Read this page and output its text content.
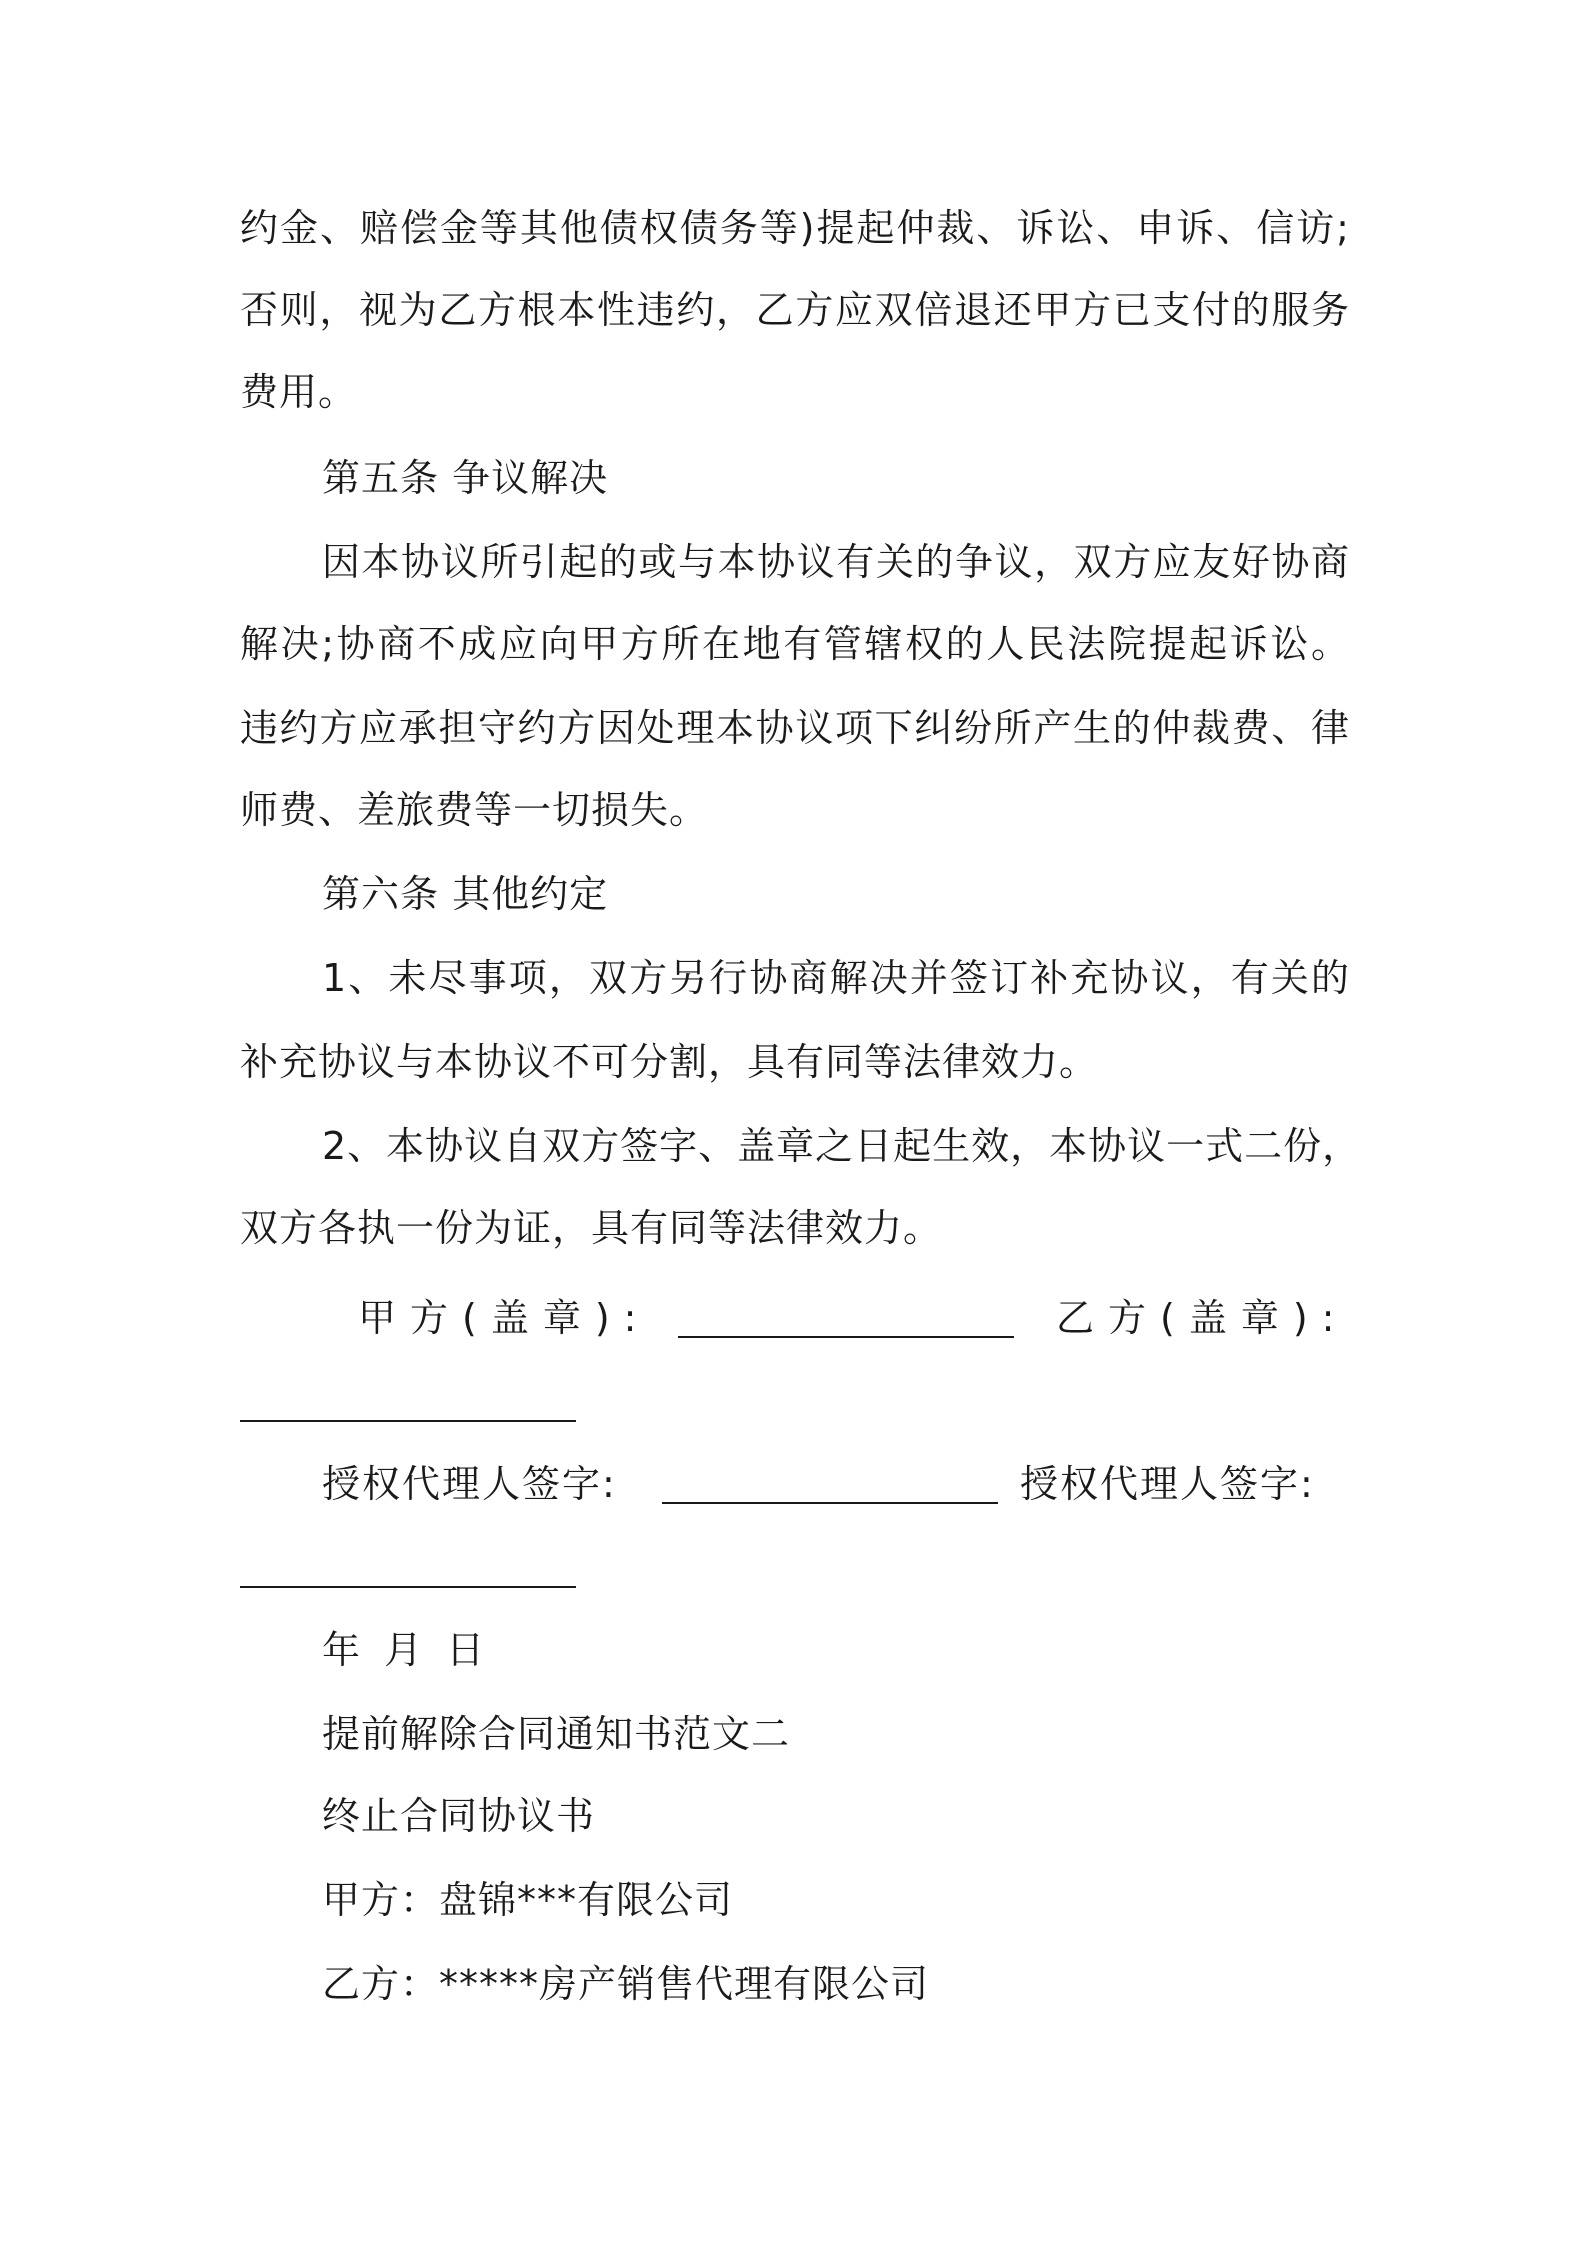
约金、赔偿金等其他债权债务等)提起仲裁、诉讼、申诉、信访;
否则，视为乙方根本性违约，乙方应双倍退还甲方已支付的服务
费用。
第五条 争议解决
因本协议所引起的或与本协议有关的争议，双方应友好协商
解决;协商不成应向甲方所在地有管辖权的人民法院提起诉讼。
违约方应承担守约方因处理本协议项下纠纷所产生的仲裁费、律
师费、差旅费等一切损失。
第六条 其他约定
1、未尽事项，双方另行协商解决并签订补充协议，有关的
补充协议与本协议不可分割，具有同等法律效力。
2、本协议自双方签字、盖章之日起生效，本协议一式二份，
双方各执一份为证，具有同等法律效力。
甲方(盖章):	乙方(盖章):
授权代理人签字:	授权代理人签字:
年 月 日
提前解除合同通知书范文二
终止合同协议书
甲方：盘锦***有限公司
乙方：*****房产销售代理有限公司
